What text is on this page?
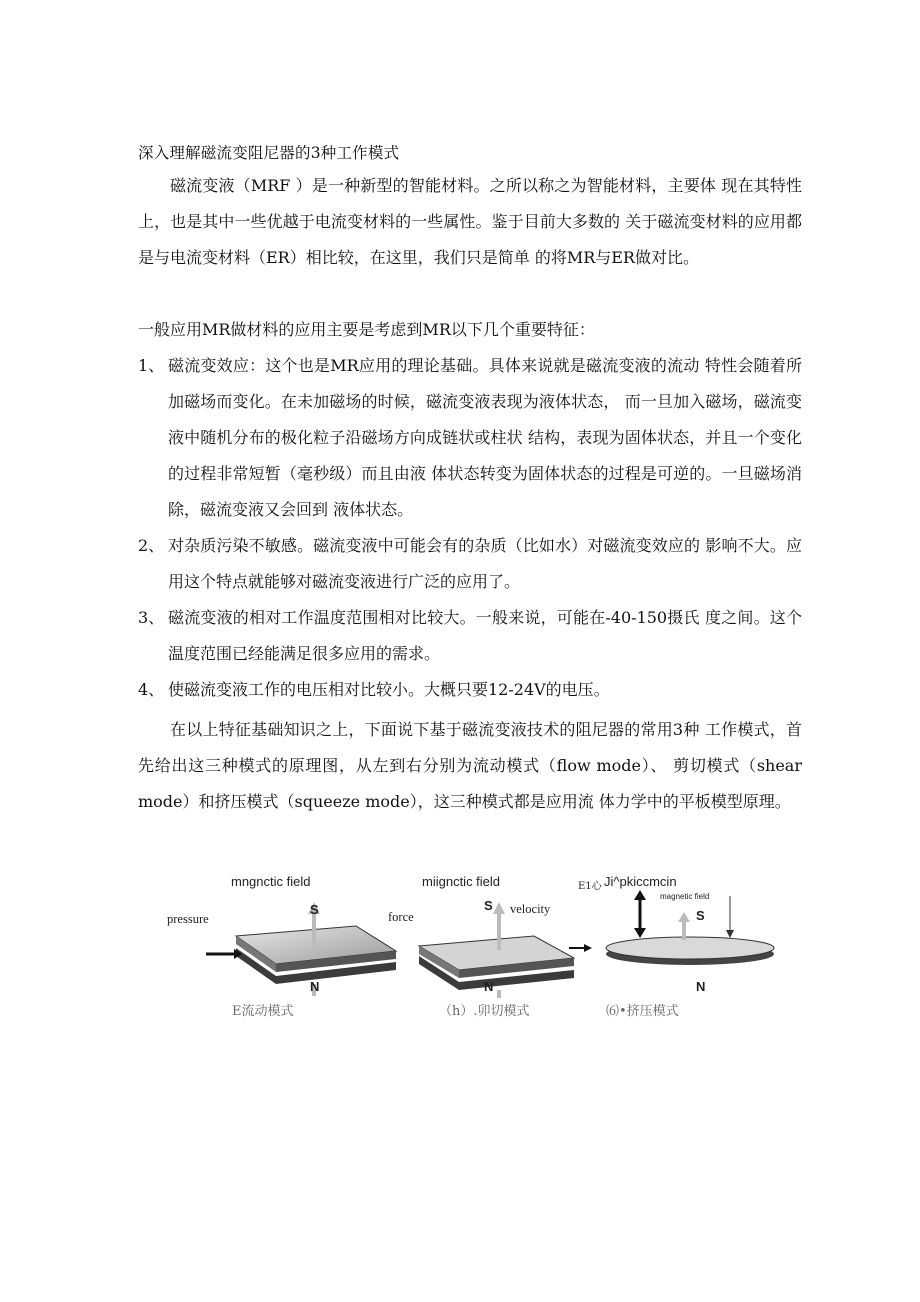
深入理解磁流变阻尼器的3种工作模式
磁流变液（MRF ）是一种新型的智能材料。之所以称之为智能材料，主要体 现在其特性上，也是其中一些优越于电流变材料的一些属性。鉴于目前大多数的 关于磁流变材料的应用都是与电流变材料（ER）相比较，在这里，我们只是简单 的将MR与ER做对比。
一般应用MR做材料的应用主要是考虑到MR以下几个重要特征：
1、 磁流变效应：这个也是MR应用的理论基础。具体来说就是磁流变液的流动 特性会随着所加磁场而变化。在未加磁场的时候，磁流变液表现为液体状态， 而一旦加入磁场，磁流变液中随机分布的极化粒子沿磁场方向成链状或柱状 结构，表现为固体状态，并且一个变化的过程非常短暂（毫秒级）而且由液 体状态转变为固体状态的过程是可逆的。一旦磁场消除，磁流变液又会回到 液体状态。
2、 对杂质污染不敏感。磁流变液中可能会有的杂质（比如水）对磁流变效应的 影响不大。应用这个特点就能够对磁流变液进行广泛的应用了。
3、 磁流变液的相对工作温度范围相对比较大。一般来说，可能在-40-150摄氏 度之间。这个温度范围已经能满足很多应用的需求。
4、 使磁流变液工作的电压相对比较小。大概只要12-24V的电压。
在以上特征基础知识之上，下面说下基于磁流变液技术的阻尼器的常用3种 工作模式，首先给出这三种模式的原理图，从左到右分别为流动模式（flow mode）、 剪切模式（shear mode）和挤压模式（squeeze mode），这三种模式都是应用流 体力学中的平板模型原理。
mngnctic field
pressure
S
N
E流动模式
miignctic field
force
velocity
S
N
（h）.卯切模式
E1心 Ji^pkiccmcin
magnetic field
S
N
⑹•挤压模式
